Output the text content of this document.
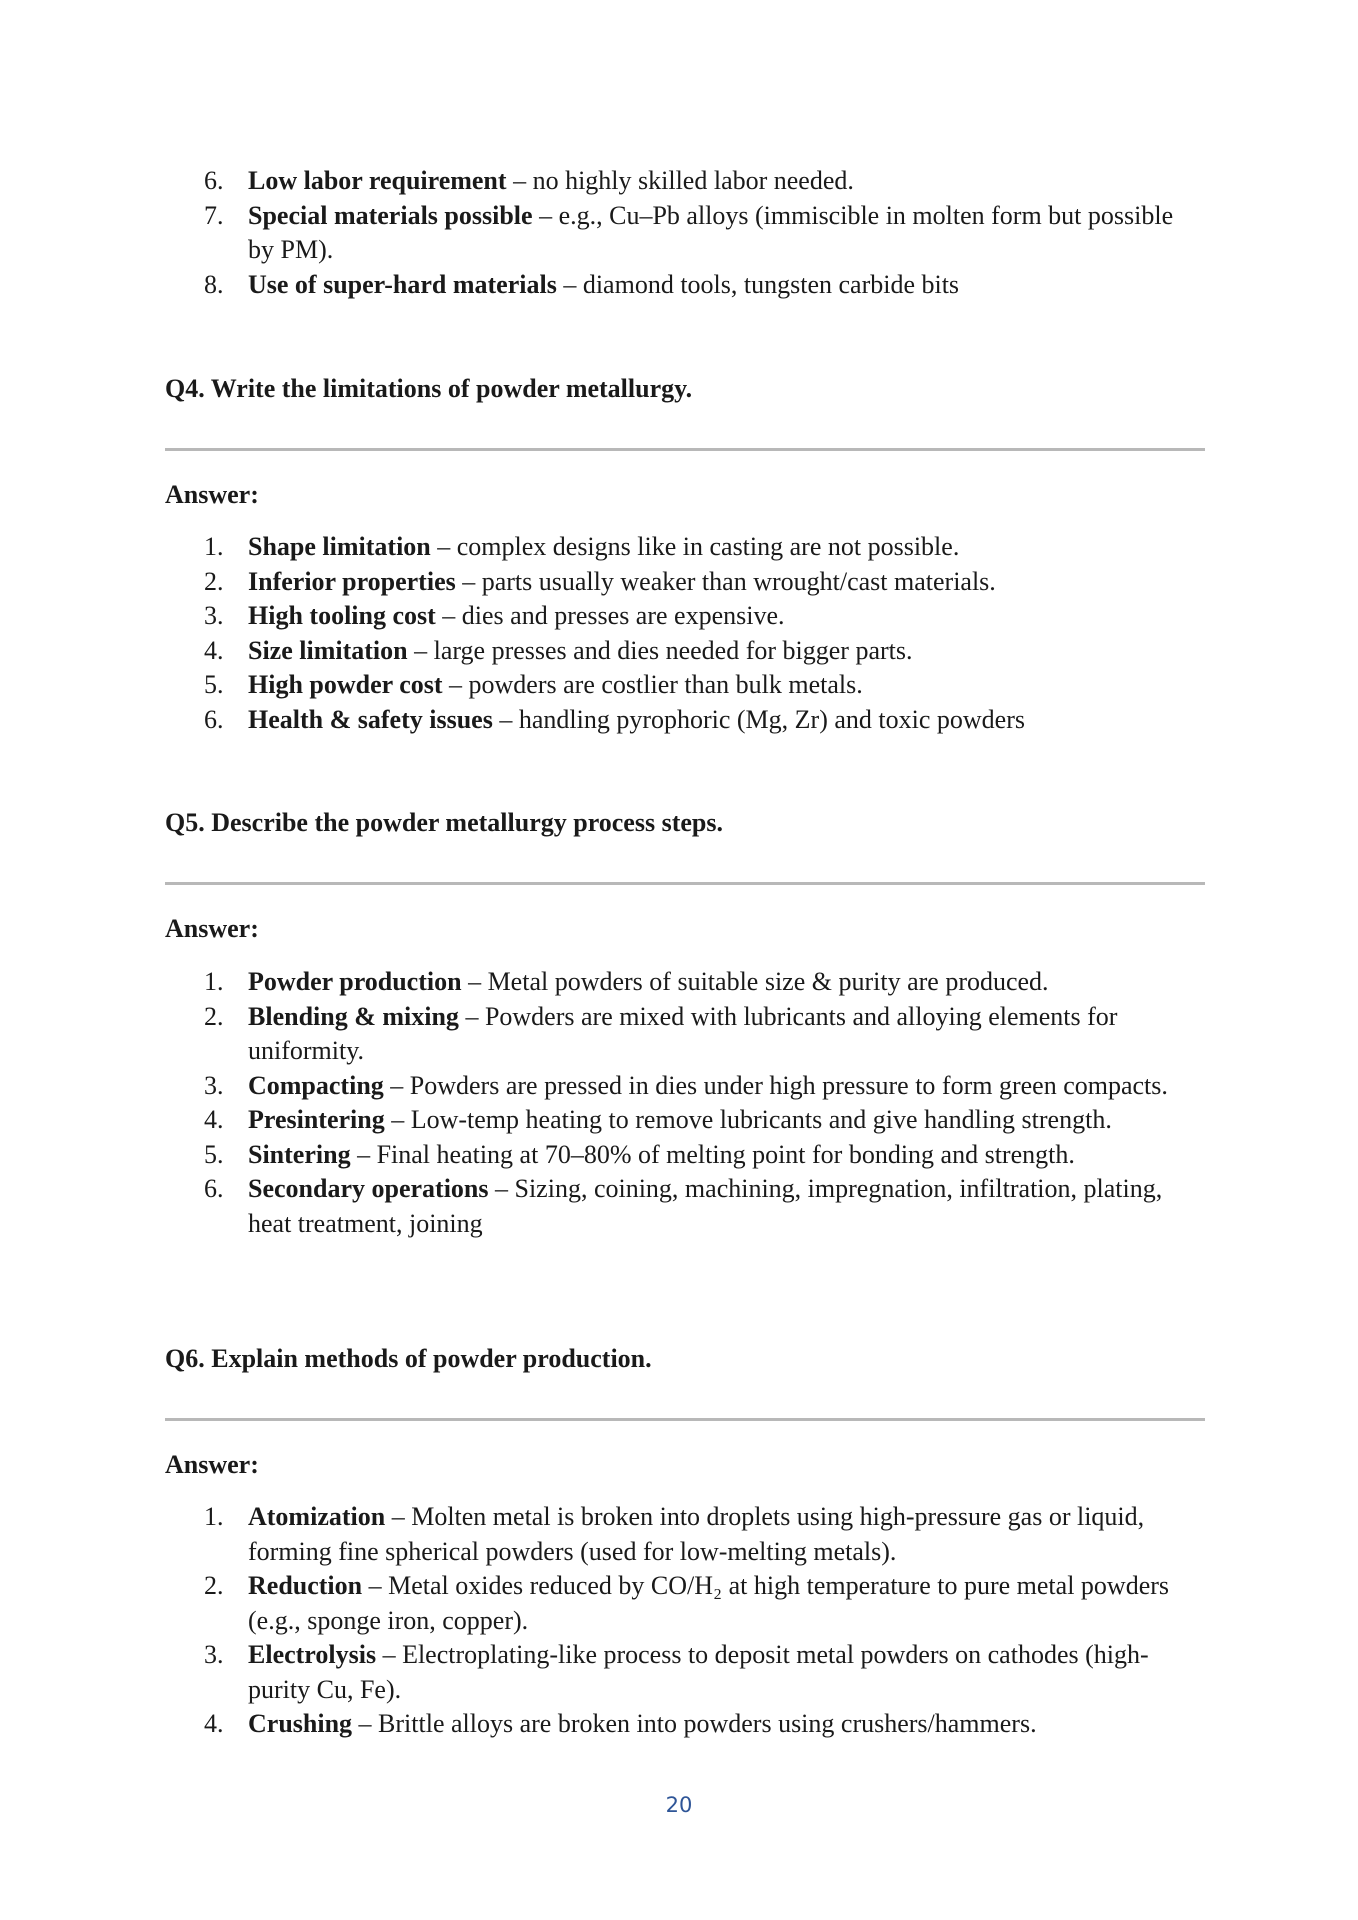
6. Low labor requirement – no highly skilled labor needed.
7. Special materials possible – e.g., Cu–Pb alloys (immiscible in molten form but possible by PM).
8. Use of super-hard materials – diamond tools, tungsten carbide bits
Q4. Write the limitations of powder metallurgy.
Answer:
1. Shape limitation – complex designs like in casting are not possible.
2. Inferior properties – parts usually weaker than wrought/cast materials.
3. High tooling cost – dies and presses are expensive.
4. Size limitation – large presses and dies needed for bigger parts.
5. High powder cost – powders are costlier than bulk metals.
6. Health & safety issues – handling pyrophoric (Mg, Zr) and toxic powders
Q5. Describe the powder metallurgy process steps.
Answer:
1. Powder production – Metal powders of suitable size & purity are produced.
2. Blending & mixing – Powders are mixed with lubricants and alloying elements for uniformity.
3. Compacting – Powders are pressed in dies under high pressure to form green compacts.
4. Presintering – Low-temp heating to remove lubricants and give handling strength.
5. Sintering – Final heating at 70–80% of melting point for bonding and strength.
6. Secondary operations – Sizing, coining, machining, impregnation, infiltration, plating, heat treatment, joining
Q6. Explain methods of powder production.
Answer:
1. Atomization – Molten metal is broken into droplets using high-pressure gas or liquid, forming fine spherical powders (used for low-melting metals).
2. Reduction – Metal oxides reduced by CO/H₂ at high temperature to pure metal powders (e.g., sponge iron, copper).
3. Electrolysis – Electroplating-like process to deposit metal powders on cathodes (high-purity Cu, Fe).
4. Crushing – Brittle alloys are broken into powders using crushers/hammers.
20
